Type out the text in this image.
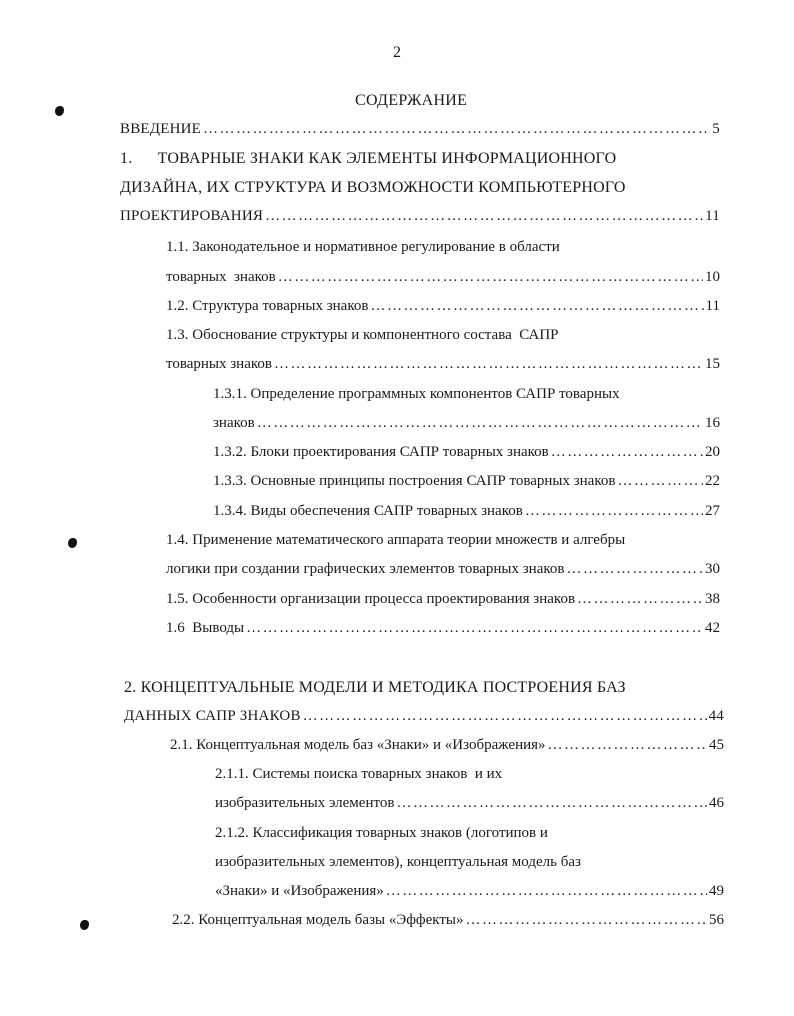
2
СОДЕРЖАНИЕ
ВВЕДЕНИЕ ……………………………………………………………………………………………………………………………………	5
1.      ТОВАРНЫЕ ЗНАКИ КАК ЭЛЕМЕНТЫ ИНФОРМАЦИОННОГО
ДИЗАЙНА, ИХ СТРУКТУРА И ВОЗМОЖНОСТИ КОМПЬЮТЕРНОГО
ПРОЕКТИРОВАНИЯ ……………………………………………………………………………………………………………………………………	11
1.1. Законодательное и нормативное регулирование в области
товарных  знаков ……………………………………………………………………………………………………………………………………	10
1.2. Структура товарных знаков ……………………………………………………………………………………………………………………………………	11
1.3. Обоснование структуры и компонентного состава  САПР
товарных знаков ……………………………………………………………………………………………………………………………………	15
1.3.1. Определение программных компонентов САПР товарных
знаков ……………………………………………………………………………………………………………………………………	16
1.3.2. Блоки проектирования САПР товарных знаков ……………………………………………………………………………………………………………………………………	20
1.3.3. Основные принципы построения САПР товарных знаков ……………………………………………………………………………………………………………………………………	22
1.3.4. Виды обеспечения САПР товарных знаков ……………………………………………………………………………………………………………………………………	27
1.4. Применение математического аппарата теории множеств и алгебры
логики при создании графических элементов товарных знаков ……………………………………………………………………………………………………………………………………	30
1.5. Особенности организации процесса проектирования знаков ……………………………………………………………………………………………………………………………………	38
1.6  Выводы ……………………………………………………………………………………………………………………………………	42
2. КОНЦЕПТУАЛЬНЫЕ МОДЕЛИ И МЕТОДИКА ПОСТРОЕНИЯ БАЗ
ДАННЫХ САПР ЗНАКОВ ……………………………………………………………………………………………………………………………………	44
2.1. Концептуальная модель баз «Знаки» и «Изображения» ……………………………………………………………………………………………………………………………………	45
2.1.1. Системы поиска товарных знаков  и их
изобразительных элементов ……………………………………………………………………………………………………………………………………	46
2.1.2. Классификация товарных знаков (логотипов и
изобразительных элементов), концептуальная модель баз
«Знаки» и «Изображения» ……………………………………………………………………………………………………………………………………	49
2.2. Концептуальная модель базы «Эффекты» ……………………………………………………………………………………………………………………………………	56
